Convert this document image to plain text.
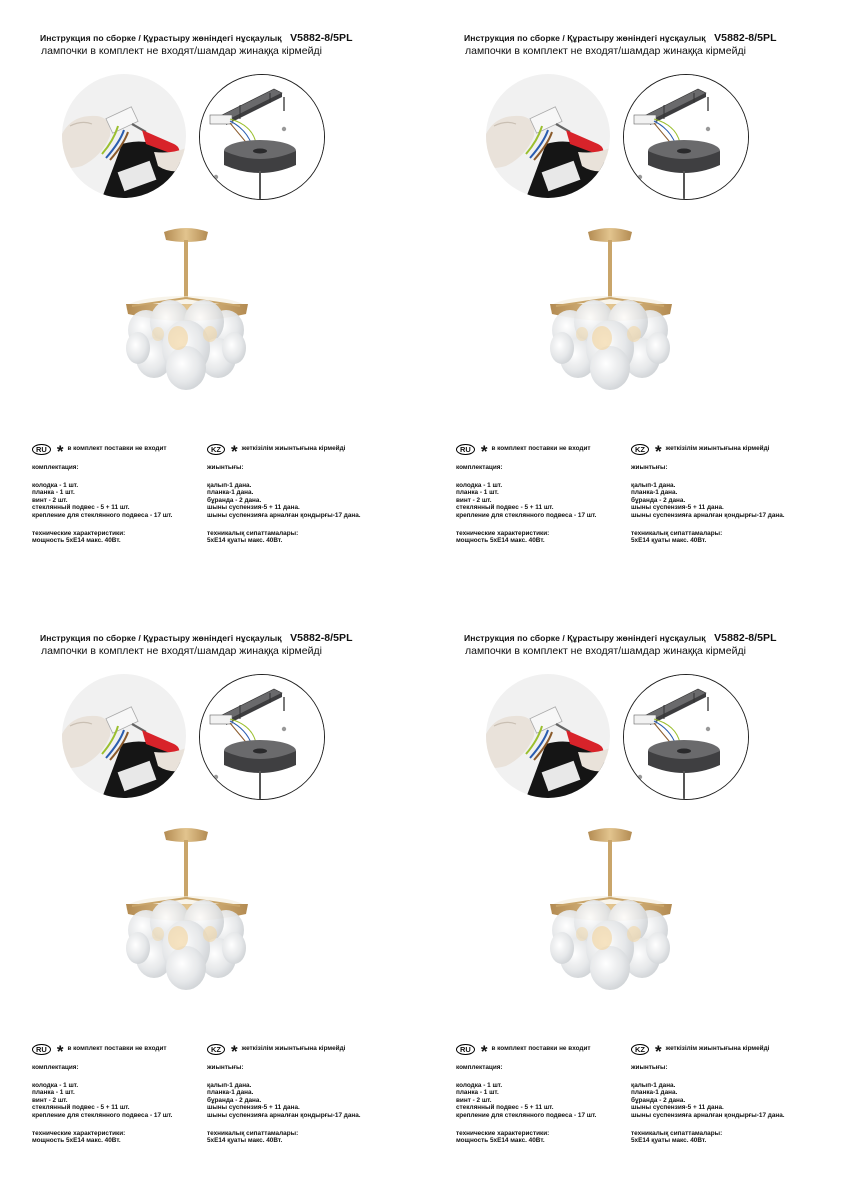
Инструкция по сборке / Құрастыру жөніндегі нұсқаулық V5882-8/5PL
лампочки в комплект не входят/шамдар жинаққа кірмейді
RU * в комплект поставки не входит
комплектация:
колодка - 1 шт.
планка - 1 шт.
винт - 2 шт.
стеклянный подвес - 5 + 11 шт.
крепление для стеклянного подвеса - 17 шт.
технические характеристики:
мощность 5хЕ14 макс. 40Вт.
KZ * жеткізілім жиынтығына кірмейді
жиынтығы:
қалып-1 дана.
планка-1 дана.
бұранда - 2 дана.
шыны суспензия-5 + 11 дана.
шыны суспензияға арналған қондырғы-17 дана.
техникалық сипаттамалары:
5хЕ14 қуаты макс. 40Вт.
Инструкция по сборке / Құрастыру жөніндегі нұсқаулық V5882-8/5PL
лампочки в комплект не входят/шамдар жинаққа кірмейді
RU * в комплект поставки не входит
комплектация:
колодка - 1 шт.
планка - 1 шт.
винт - 2 шт.
стеклянный подвес - 5 + 11 шт.
крепление для стеклянного подвеса - 17 шт.
технические характеристики:
мощность 5хЕ14 макс. 40Вт.
KZ * жеткізілім жиынтығына кірмейді
жиынтығы:
қалып-1 дана.
планка-1 дана.
бұранда - 2 дана.
шыны суспензия-5 + 11 дана.
шыны суспензияға арналған қондырғы-17 дана.
техникалық сипаттамалары:
5хЕ14 қуаты макс. 40Вт.
Инструкция по сборке / Құрастыру жөніндегі нұсқаулық V5882-8/5PL
лампочки в комплект не входят/шамдар жинаққа кірмейді
RU * в комплект поставки не входит
комплектация:
колодка - 1 шт.
планка - 1 шт.
винт - 2 шт.
стеклянный подвес - 5 + 11 шт.
крепление для стеклянного подвеса - 17 шт.
технические характеристики:
мощность 5хЕ14 макс. 40Вт.
KZ * жеткізілім жиынтығына кірмейді
жиынтығы:
қалып-1 дана.
планка-1 дана.
бұранда - 2 дана.
шыны суспензия-5 + 11 дана.
шыны суспензияға арналған қондырғы-17 дана.
техникалық сипаттамалары:
5хЕ14 қуаты макс. 40Вт.
Инструкция по сборке / Құрастыру жөніндегі нұсқаулық V5882-8/5PL
лампочки в комплект не входят/шамдар жинаққа кірмейді
RU * в комплект поставки не входит
комплектация:
колодка - 1 шт.
планка - 1 шт.
винт - 2 шт.
стеклянный подвес - 5 + 11 шт.
крепление для стеклянного подвеса - 17 шт.
технические характеристики:
мощность 5хЕ14 макс. 40Вт.
KZ * жеткізілім жиынтығына кірмейді
жиынтығы:
қалып-1 дана.
планка-1 дана.
бұранда - 2 дана.
шыны суспензия-5 + 11 дана.
шыны суспензияға арналған қондырғы-17 дана.
техникалық сипаттамалары:
5хЕ14 қуаты макс. 40Вт.
